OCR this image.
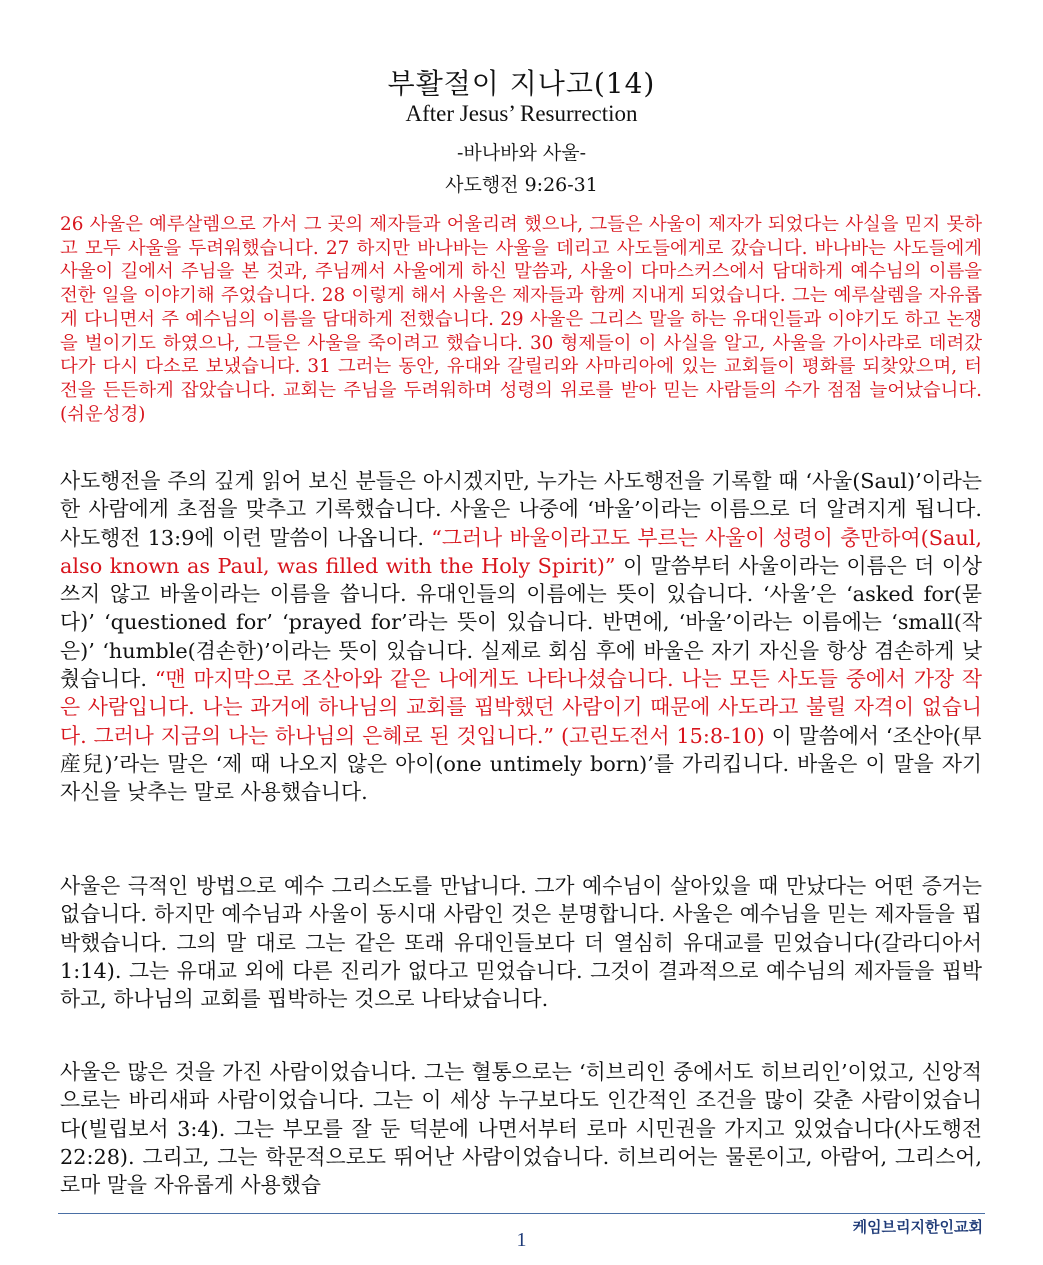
부활절이 지나고(14)
After Jesus’ Resurrection
-바나바와 사울-
사도행전 9:26-31
26 사울은 예루살렘으로 가서 그 곳의 제자들과 어울리려 했으나, 그들은 사울이 제자가 되었다는 사실을 믿지 못하고 모두 사울을 두려워했습니다. 27 하지만 바나바는 사울을 데리고 사도들에게로 갔습니다. 바나바는 사도들에게 사울이 길에서 주님을 본 것과, 주님께서 사울에게 하신 말씀과, 사울이 다마스커스에서 담대하게 예수님의 이름을 전한 일을 이야기해 주었습니다. 28 이렇게 해서 사울은 제자들과 함께 지내게 되었습니다. 그는 예루살렘을 자유롭게 다니면서 주 예수님의 이름을 담대하게 전했습니다. 29 사울은 그리스 말을 하는 유대인들과 이야기도 하고 논쟁을 벌이기도 하였으나, 그들은 사울을 죽이려고 했습니다. 30 형제들이 이 사실을 알고, 사울을 가이사랴로 데려갔다가 다시 다소로 보냈습니다. 31 그러는 동안, 유대와 갈릴리와 사마리아에 있는 교회들이 평화를 되찾았으며, 터전을 든든하게 잡았습니다. 교회는 주님을 두려워하며 성령의 위로를 받아 믿는 사람들의 수가 점점 늘어났습니다. (쉬운성경)
사도행전을 주의 깊게 읽어 보신 분들은 아시겠지만, 누가는 사도행전을 기록할 때 ‘사울(Saul)’이라는 한 사람에게 초점을 맞추고 기록했습니다. 사울은 나중에 ‘바울’이라는 이름으로 더 알려지게 됩니다. 사도행전 13:9에 이런 말씀이 나옵니다. “그러나 바울이라고도 부르는 사울이 성령이 충만하여(Saul, also known as Paul, was filled with the Holy Spirit)” 이 말씀부터 사울이라는 이름은 더 이상 쓰지 않고 바울이라는 이름을 씁니다. 유대인들의 이름에는 뜻이 있습니다. ‘사울’은 ‘asked for(묻다)’ ‘questioned for’ ‘prayed for’라는 뜻이 있습니다. 반면에, ‘바울’이라는 이름에는 ‘small(작은)’ ‘humble(겸손한)’이라는 뜻이 있습니다. 실제로 회심 후에 바울은 자기 자신을 항상 겸손하게 낮췄습니다. “맨 마지막으로 조산아와 같은 나에게도 나타나셨습니다. 나는 모든 사도들 중에서 가장 작은 사람입니다. 나는 과거에 하나님의 교회를 핍박했던 사람이기 때문에 사도라고 불릴 자격이 없습니다. 그러나 지금의 나는 하나님의 은혜로 된 것입니다.” (고린도전서 15:8-10) 이 말씀에서 ‘조산아(早産兒)’라는 말은 ‘제 때 나오지 않은 아이(one untimely born)’를 가리킵니다. 바울은 이 말을 자기 자신을 낮추는 말로 사용했습니다.
사울은 극적인 방법으로 예수 그리스도를 만납니다. 그가 예수님이 살아있을 때 만났다는 어떤 증거는 없습니다. 하지만 예수님과 사울이 동시대 사람인 것은 분명합니다. 사울은 예수님을 믿는 제자들을 핍박했습니다. 그의 말 대로 그는 같은 또래 유대인들보다 더 열심히 유대교를 믿었습니다(갈라디아서 1:14). 그는 유대교 외에 다른 진리가 없다고 믿었습니다. 그것이 결과적으로 예수님의 제자들을 핍박하고, 하나님의 교회를 핍박하는 것으로 나타났습니다.
사울은 많은 것을 가진 사람이었습니다. 그는 혈통으로는 ‘히브리인 중에서도 히브리인’이었고, 신앙적으로는 바리새파 사람이었습니다. 그는 이 세상 누구보다도 인간적인 조건을 많이 갖춘 사람이었습니다(빌립보서 3:4). 그는 부모를 잘 둔 덕분에 나면서부터 로마 시민권을 가지고 있었습니다(사도행전 22:28). 그리고, 그는 학문적으로도 뛰어난 사람이었습니다. 히브리어는 물론이고, 아람어, 그리스어, 로마 말을 자유롭게 사용했습
1
케임브리지한인교회
